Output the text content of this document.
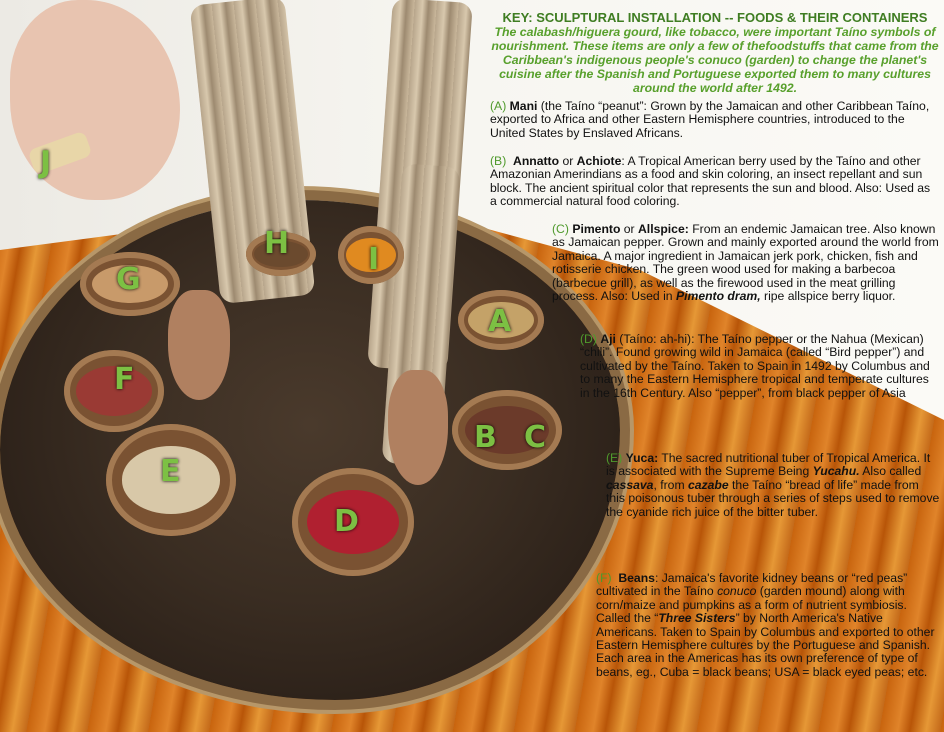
J
H	I
G
A
F
B C
E
D
KEY: SCULPTURAL INSTALLATION -- FOODS & THEIR CONTAINERS
The calabash/higuera gourd, like tobacco, were important Taíno symbols of nourishment. These items are only a few of thefoodstuffs that came from the Caribbean's indigenous people's conuco (garden) to change the planet's cuisine after the Spanish and Portuguese exported them to many cultures around the world after 1492.
(A) Mani (the Taíno “peanut”: Grown by the Jamaican and other Caribbean Taíno, exported to Africa and other Eastern Hemisphere countries, introduced to the United States by Enslaved Africans.
(B) Annatto or Achiote: A Tropical American berry used by the Taíno and other Amazonian Amerindians as a food and skin coloring, an insect repellant and sun block. The ancient spiritual color that represents the sun and blood. Also: Used as a commercial natural food coloring.
(C) Pimento or Allspice: From an endemic Jamaican tree. Also known as Jamaican pepper. Grown and mainly exported around the world from Jamaica. A major ingredient in Jamaican jerk pork, chicken, fish and rotisserie chicken. The green wood used for making a barbecoa (barbecue grill), as well as the firewood used in the meat grilling process. Also: Used in Pimento dram, ripe allspice berry liquor.
(D) Aji (Taíno: ah-hi): The Taíno pepper or the Nahua (Mexican) “chili”. Found growing wild in Jamaica (called “Bird pepper”) and cultivated by the Taíno. Taken to Spain in 1492 by Columbus and to many the Eastern Hemisphere tropical and temperate cultures in the 16th Century. Also “pepper”, from black pepper of Asia
(E) Yuca: The sacred nutritional tuber of Tropical America. It is associated with the Supreme Being Yucahu. Also called cassava, from cazabe the Taíno “bread of life” made from this poisonous tuber through a series of steps used to remove the cyanide rich juice of the bitter tuber.
(F) Beans: Jamaica's favorite kidney beans or “red peas” cultivated in the Taíno conuco (garden mound) along with corn/maize and pumpkins as a form of nutrient symbiosis. Called the “Three Sisters” by North America's Native Americans. Taken to Spain by Columbus and exported to other Eastern Hemisphere cultures by the Portuguese and Spanish. Each area in the Americas has its own preference of type of beans, eg., Cuba = black beans; USA = black eyed peas; etc.
